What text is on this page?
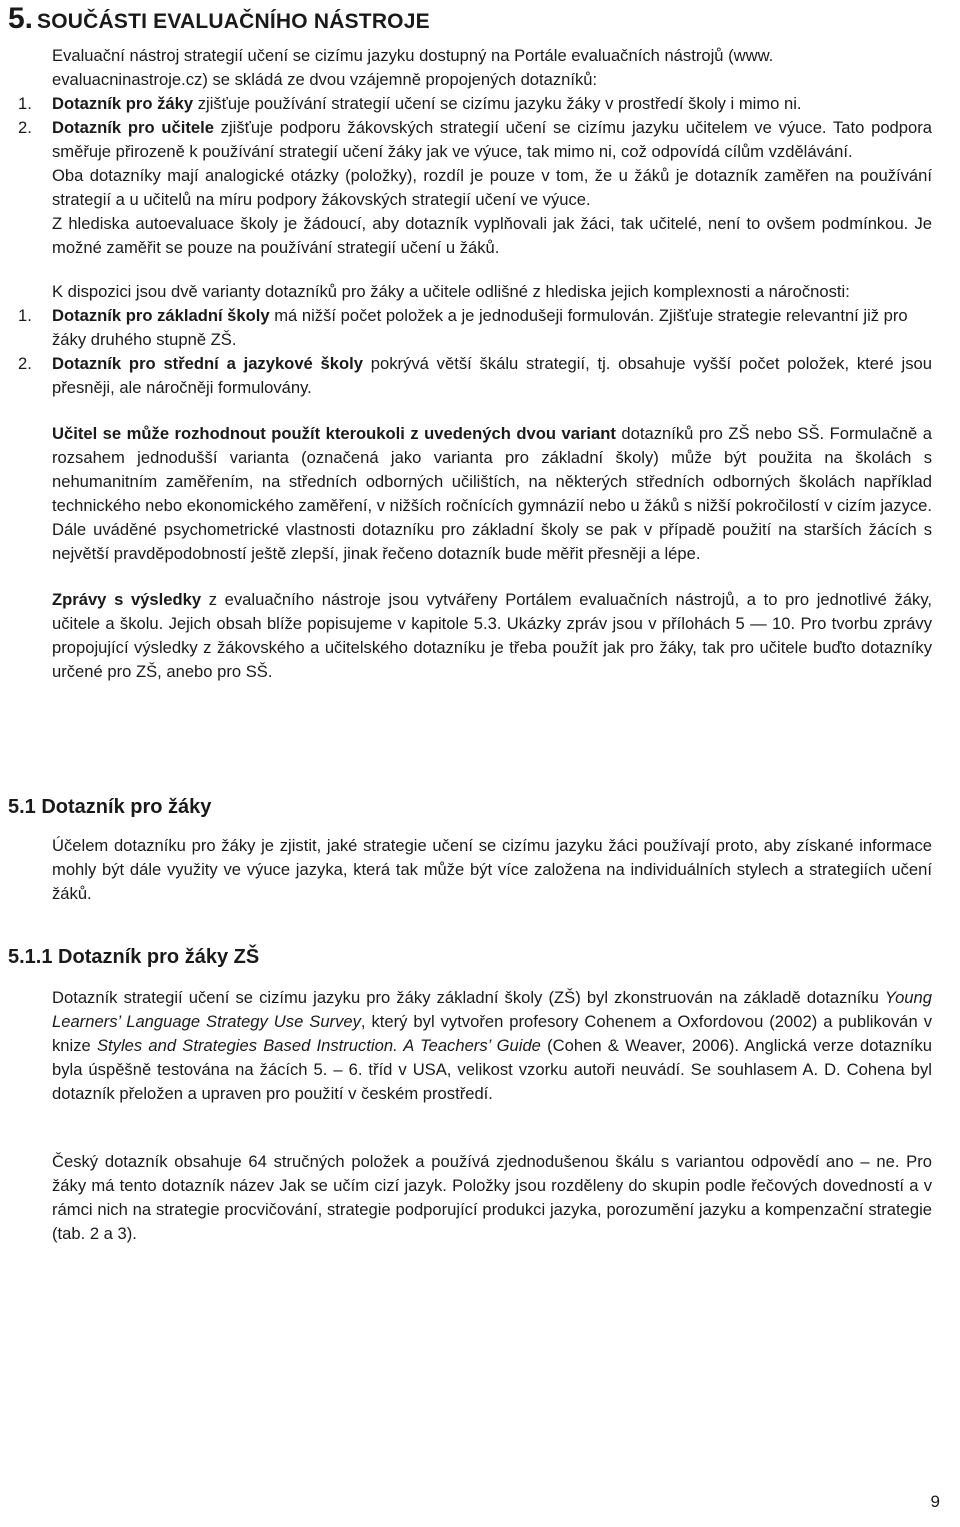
5. SOUČÁSTI EVALUAČNÍHO NÁSTROJE

Evaluační nástroj strategií učení se cizímu jazyku dostupný na Portále evaluačních nástrojů (www. evaluacninastroje.cz) se skládá ze dvou vzájemně propojených dotazníků:

1. Dotazník pro žáky zjišťuje používání strategií učení se cizímu jazyku žáky v prostředí školy i mimo ni.
2. Dotazník pro učitele zjišťuje podporu žákovských strategií učení se cizímu jazyku učitelem ve výuce. Tato podpora směřuje přirozeně k používání strategií učení žáky jak ve výuce, tak mimo ni, což odpovídá cílům vzdělávání.

Oba dotazníky mají analogické otázky (položky), rozdíl je pouze v tom, že u žáků je dotazník zaměřen na používání strategií a u učitelů na míru podpory žákovských strategií učení ve výuce.

Z hlediska autoevaluace školy je žádoucí, aby dotazník vyplňovali jak žáci, tak učitelé, není to ovšem podmínkou. Je možné zaměřit se pouze na používání strategií učení u žáků.

K dispozici jsou dvě varianty dotazníků pro žáky a učitele odlišné z hlediska jejich komplexnosti a náročnosti:

1. Dotazník pro základní školy má nižší počet položek a je jednodušeji formulován. Zjišťuje strategie relevantní již pro žáky druhého stupně ZŠ.
2. Dotazník pro střední a jazykové školy pokrývá větší škálu strategií, tj. obsahuje vyšší počet položek, které jsou přesněji, ale náročněji formulovány.

Učitel se může rozhodnout použít kteroukoli z uvedených dvou variant dotazníků pro ZŠ nebo SŠ. Formulačně a rozsahem jednodušší varianta (označená jako varianta pro základní školy) může být použita na školách s nehumanitním zaměřením, na středních odborných učilištích, na některých středních odborných školách například technického nebo ekonomického zaměření, v nižších ročnících gymnázií nebo u žáků s nižší pokročilostí v cizím jazyce. Dále uváděné psychometrické vlastnosti dotazníku pro základní školy se pak v případě použití na starších žácích s největší pravděpodobností ještě zlepší, jinak řečeno dotazník bude měřit přesněji a lépe.

Zprávy s výsledky z evaluačního nástroje jsou vytvářeny Portálem evaluačních nástrojů, a to pro jednotlivé žáky, učitele a školu. Jejich obsah blíže popisujeme v kapitole 5.3. Ukázky zpráv jsou v přílohách 5 — 10. Pro tvorbu zprávy propojující výsledky z žákovského a učitelského dotazníku je třeba použít jak pro žáky, tak pro učitele buďto dotazníky určené pro ZŠ, anebo pro SŠ.

5.1 Dotazník pro žáky
Účelem dotazníku pro žáky je zjistit, jaké strategie učení se cizímu jazyku žáci používají proto, aby získané informace mohly být dále využity ve výuce jazyka, která tak může být více založena na individuálních stylech a strategiích učení žáků.
5.1.1 Dotazník pro žáky ZŠ
Dotazník strategií učení se cizímu jazyku pro žáky základní školy (ZŠ) byl zkonstruován na základě dotazníku Young Learners’ Language Strategy Use Survey, který byl vytvořen profesory Cohenem a Oxfordovou (2002) a publikován v knize Styles and Strategies Based Instruction. A Teachers’ Guide (Cohen & Weaver, 2006). Anglická verze dotazníku byla úspěšně testována na žácích 5. – 6. tříd v USA, velikost vzorku autoři neuvádí. Se souhlasem A. D. Cohena byl dotazník přeložen a upraven pro použití v českém prostředí.
Český dotazník obsahuje 64 stručných položek a používá zjednodušenou škálu s variantou odpovědí ano – ne. Pro žáky má tento dotazník název Jak se učím cizí jazyk. Položky jsou rozděleny do skupin podle řečových dovedností a v rámci nich na strategie procvičování, strategie podporující produkci jazyka, porozumění jazyku a kompenzační strategie (tab. 2 a 3).
9
